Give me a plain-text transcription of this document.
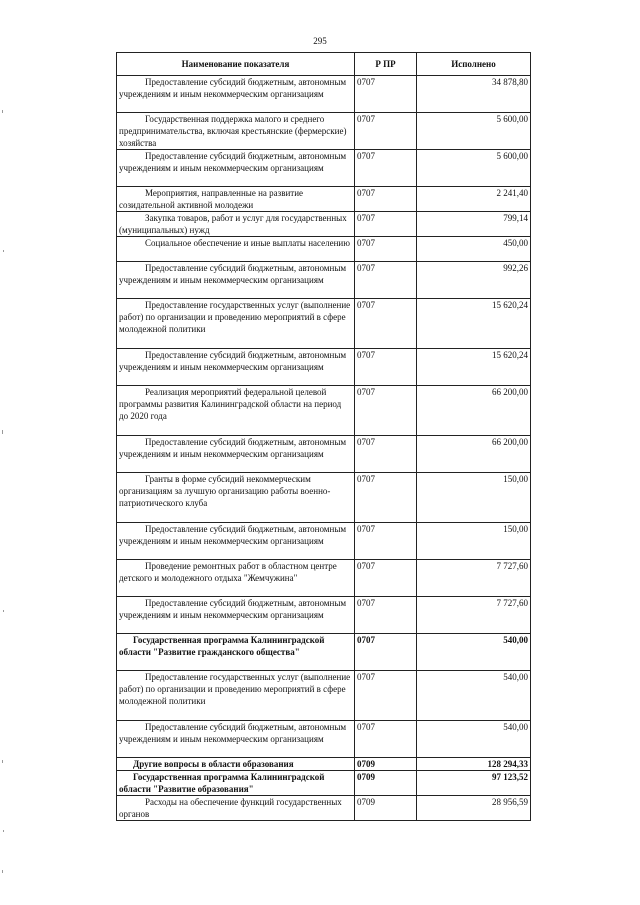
295
Наименование показателя	Р ПР	Исполнено

Предоставление субсидий бюджетным, автономным учреждениям и иным некоммерческим организациям	0707	34 878,80

Государственная поддержка малого и среднего предпринимательства, включая крестьянские (фермерские) хозяйства	0707	5 600,00

Предоставление субсидий бюджетным, автономным учреждениям и иным некоммерческим организациям	0707	5 600,00

Мероприятия, направленные на развитие созидательной активной молодежи	0707	2 241,40

Закупка товаров, работ и услуг для государственных (муниципальных) нужд	0707	799,14

Социальное обеспечение и иные выплаты населению	0707	450,00

Предоставление субсидий бюджетным, автономным учреждениям и иным некоммерческим организациям	0707	992,26

Предоставление государственных услуг (выполнение работ) по организации и проведению мероприятий в сфере молодежной политики	0707	15 620,24

Предоставление субсидий бюджетным, автономным учреждениям и иным некоммерческим организациям	0707	15 620,24

Реализация мероприятий федеральной целевой программы развития Калининградской области на период до 2020 года	0707	66 200,00

Предоставление субсидий бюджетным, автономным учреждениям и иным некоммерческим организациям	0707	66 200,00

Гранты в форме субсидий некоммерческим организациям за лучшую организацию работы военно-патриотического клуба	0707	150,00

Предоставление субсидий бюджетным, автономным учреждениям и иным некоммерческим организациям	0707	150,00

Проведение ремонтных работ в областном центре детского и молодежного отдыха "Жемчужина"	0707	7 727,60

Предоставление субсидий бюджетным, автономным учреждениям и иным некоммерческим организациям	0707	7 727,60

Государственная программа Калининградской области "Развитие гражданского общества"	0707	540,00

Предоставление государственных услуг (выполнение работ) по организации и проведению мероприятий в сфере молодежной политики	0707	540,00

Предоставление субсидий бюджетным, автономным учреждениям и иным некоммерческим организациям	0707	540,00

Другие вопросы в области образования	0709	128 294,33

Государственная программа Калининградской области "Развитие образования"	0709	97 123,52

Расходы на обеспечение функций государственных органов	0709	28 956,59
